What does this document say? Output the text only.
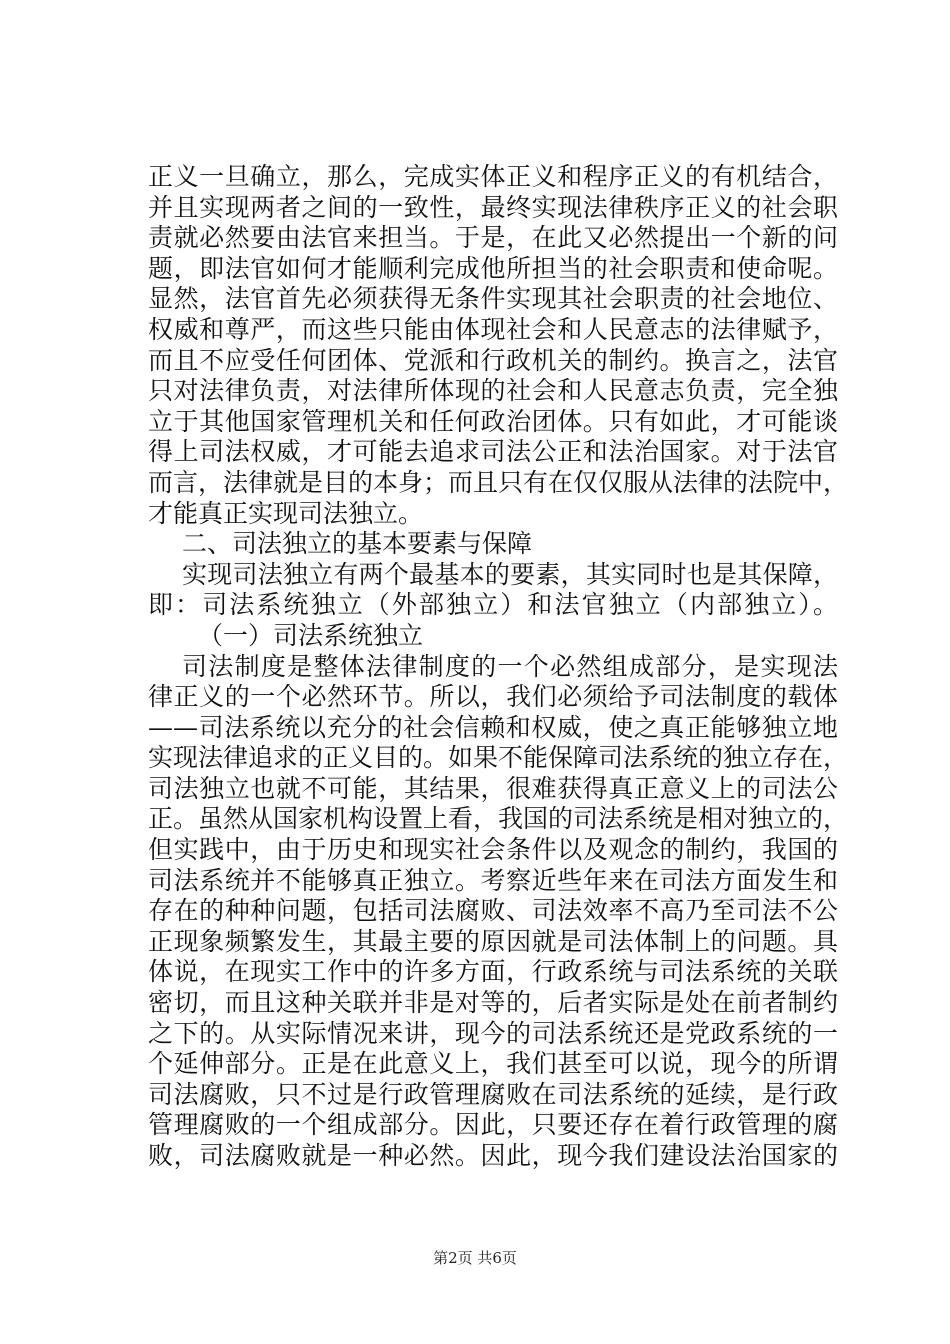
正义一旦确立，那么，完成实体正义和程序正义的有机结合，
并且实现两者之间的一致性，最终实现法律秩序正义的社会职
责就必然要由法官来担当。于是，在此又必然提出一个新的问
题，即法官如何才能顺利完成他所担当的社会职责和使命呢。
显然，法官首先必须获得无条件实现其社会职责的社会地位、
权威和尊严，而这些只能由体现社会和人民意志的法律赋予，
而且不应受任何团体、党派和行政机关的制约。换言之，法官
只对法律负责，对法律所体现的社会和人民意志负责，完全独
立于其他国家管理机关和任何政治团体。只有如此，才可能谈
得上司法权威，才可能去追求司法公正和法治国家。对于法官
而言，法律就是目的本身；而且只有在仅仅服从法律的法院中，
才能真正实现司法独立。
二、司法独立的基本要素与保障
实现司法独立有两个最基本的要素，其实同时也是其保障，
即：司法系统独立（外部独立）和法官独立（内部独立）。
（一）司法系统独立
司法制度是整体法律制度的一个必然组成部分，是实现法
律正义的一个必然环节。所以，我们必须给予司法制度的载体
——司法系统以充分的社会信赖和权威，使之真正能够独立地
实现法律追求的正义目的。如果不能保障司法系统的独立存在，
司法独立也就不可能，其结果，很难获得真正意义上的司法公
正。虽然从国家机构设置上看，我国的司法系统是相对独立的，
但实践中，由于历史和现实社会条件以及观念的制约，我国的
司法系统并不能够真正独立。考察近些年来在司法方面发生和
存在的种种问题，包括司法腐败、司法效率不高乃至司法不公
正现象频繁发生，其最主要的原因就是司法体制上的问题。具
体说，在现实工作中的许多方面，行政系统与司法系统的关联
密切，而且这种关联并非是对等的，后者实际是处在前者制约
之下的。从实际情况来讲，现今的司法系统还是党政系统的一
个延伸部分。正是在此意义上，我们甚至可以说，现今的所谓
司法腐败，只不过是行政管理腐败在司法系统的延续，是行政
管理腐败的一个组成部分。因此，只要还存在着行政管理的腐
败，司法腐败就是一种必然。因此，现今我们建设法治国家的
第2页 共6页
